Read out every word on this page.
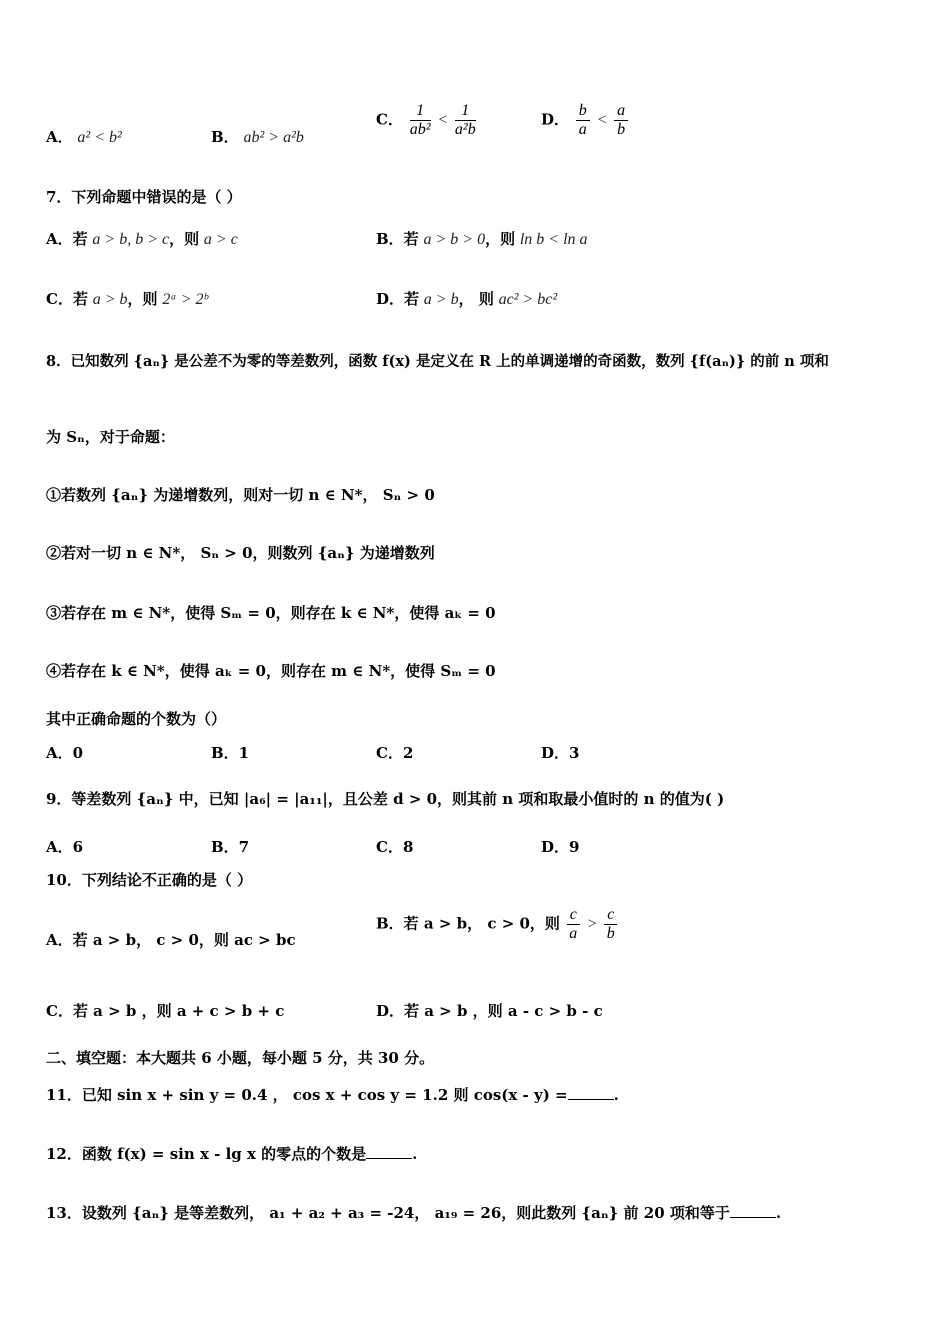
A． a² < b²	B． ab² > a²b
C． $\frac{1}{\text{ab²}} < \frac{1}{\text{a²b}}$	D． $\frac{b}{a} < \frac{a}{b}$
7．下列命题中错误的是（ ）
A．若 a > b, b > c，则 a > c	B．若 a > b > 0，则 ln b < ln a
C．若 a > b，则 2ᵃ > 2ᵇ	D．若 a > b， 则 ac² > bc²
8．已知数列 {aₙ} 是公差不为零的等差数列，函数 f(x) 是定义在 R 上的单调递增的奇函数，数列 {f(aₙ)} 的前 n 项和
为 Sₙ，对于命题：
①若数列 {aₙ} 为递增数列，则对一切 n ∈ N*， Sₙ > 0
②若对一切 n ∈ N*， Sₙ > 0，则数列 {aₙ} 为递增数列
③若存在 m ∈ N*，使得 Sₘ = 0，则存在 k ∈ N*，使得 aₖ = 0
④若存在 k ∈ N*，使得 aₖ = 0，则存在 m ∈ N*，使得 Sₘ = 0
其中正确命题的个数为（）
A．0	B．1	C．2	D．3
9．等差数列 {aₙ} 中，已知 |a₆| = |a₁₁|，且公差 d > 0，则其前 n 项和取最小值时的 n 的值为( )
A．6	B．7	C．8	D．9
10．下列结论不正确的是（ ）
A．若 a > b， c > 0，则 ac > bc
B．若 a > b， c > 0，则 $\frac{c}{a} > \frac{c}{b}$
C．若 a > b ，则 a + c > b + c	D．若 a > b ，则 a - c > b - c
二、填空题：本大题共 6 小题，每小题 5 分，共 30 分。
11．已知 sin x + sin y = 0.4 ， cos x + cos y = 1.2 则 cos(x - y) =	.
12．函数 f(x) = sin x - lg x 的零点的个数是	.
13．设数列 {aₙ} 是等差数列， a₁ + a₂ + a₃ = -24， a₁₉ = 26，则此数列 {aₙ} 前 20 项和等于	.
